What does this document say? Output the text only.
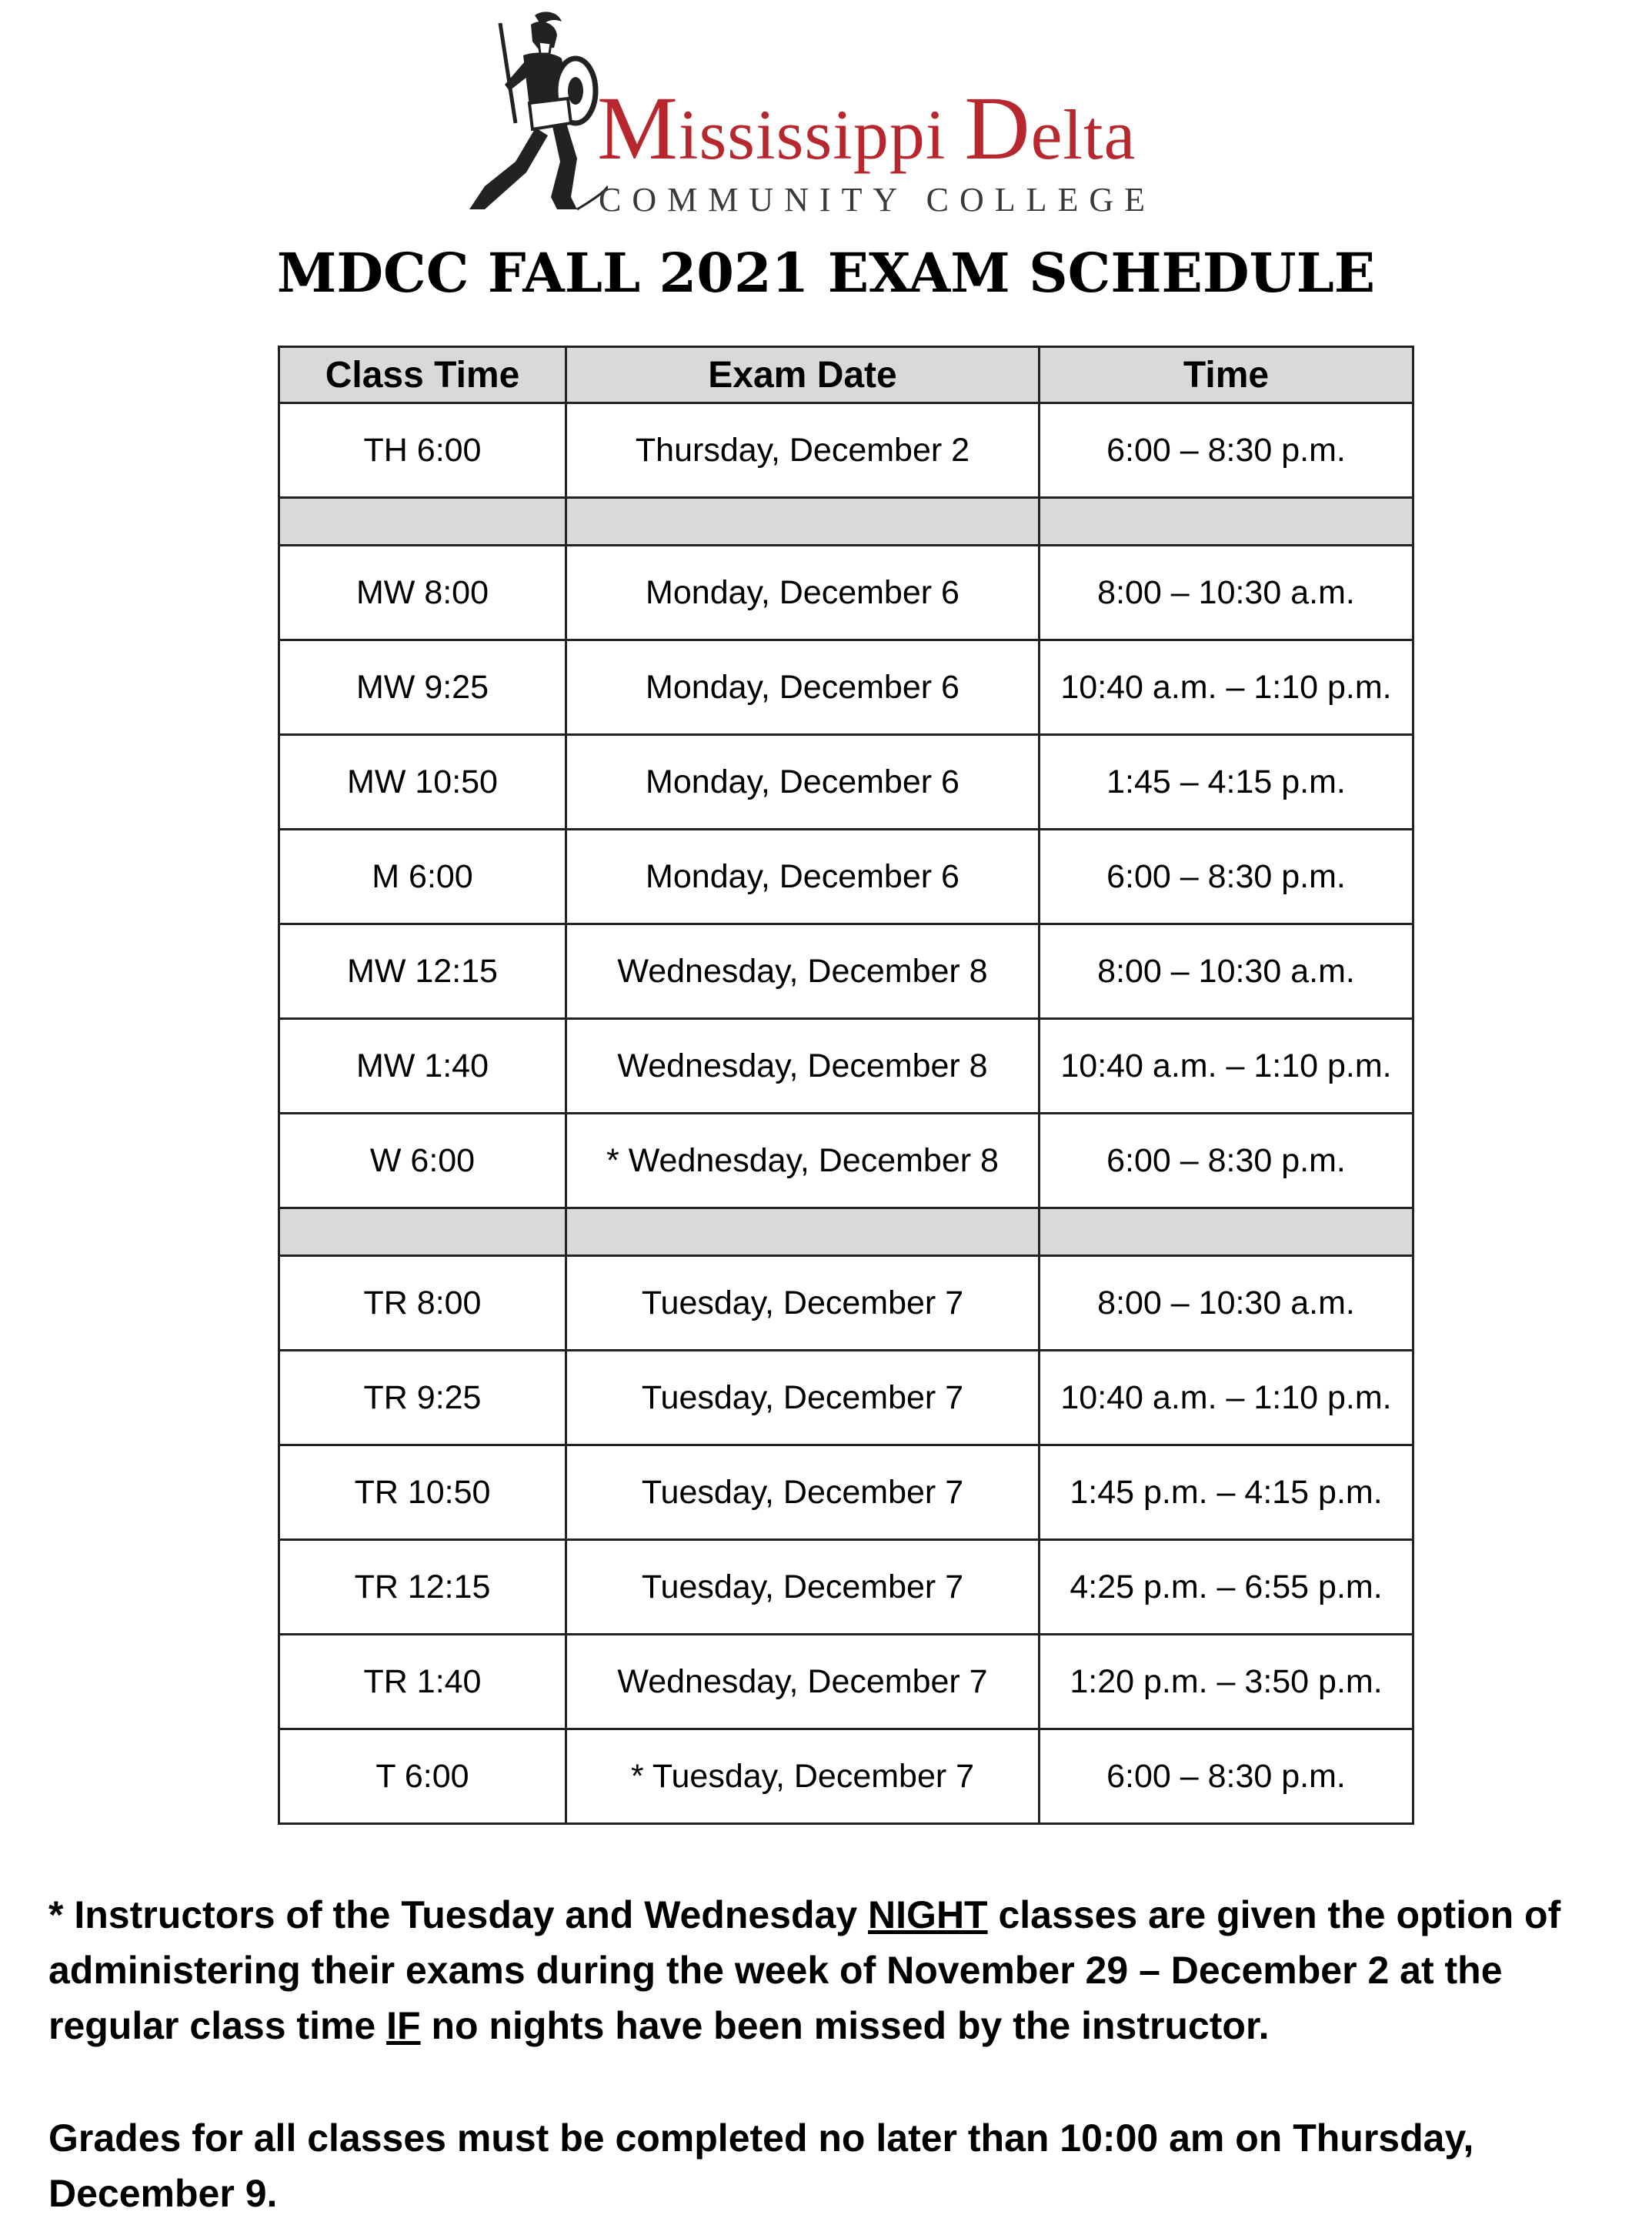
Mississippi Delta
COMMUNITY COLLEGE
MDCC FALL 2021 EXAM SCHEDULE
Class Time	Exam Date	Time
TH 6:00	Thursday, December 2	6:00 – 8:30 p.m.

MW 8:00	Monday, December 6	8:00 – 10:30 a.m.
MW 9:25	Monday, December 6	10:40 a.m. – 1:10 p.m.
MW 10:50	Monday, December 6	1:45 – 4:15 p.m.
M 6:00	Monday, December 6	6:00 – 8:30 p.m.
MW 12:15	Wednesday, December 8	8:00 – 10:30 a.m.
MW 1:40	Wednesday, December 8	10:40 a.m. – 1:10 p.m.
W 6:00	* Wednesday, December 8	6:00 – 8:30 p.m.

TR 8:00	Tuesday, December 7	8:00 – 10:30 a.m.
TR 9:25	Tuesday, December 7	10:40 a.m. – 1:10 p.m.
TR 10:50	Tuesday, December 7	1:45 p.m. – 4:15 p.m.
TR 12:15	Tuesday, December 7	4:25 p.m. – 6:55 p.m.
TR 1:40	Wednesday, December 7	1:20 p.m. – 3:50 p.m.
T 6:00	* Tuesday, December 7	6:00 – 8:30 p.m.

* Instructors of the Tuesday and Wednesday NIGHT classes are given the option of administering their exams during the week of November 29 – December 2 at the regular class time IF no nights have been missed by the instructor.

Grades for all classes must be completed no later than 10:00 am on Thursday, December 9.
